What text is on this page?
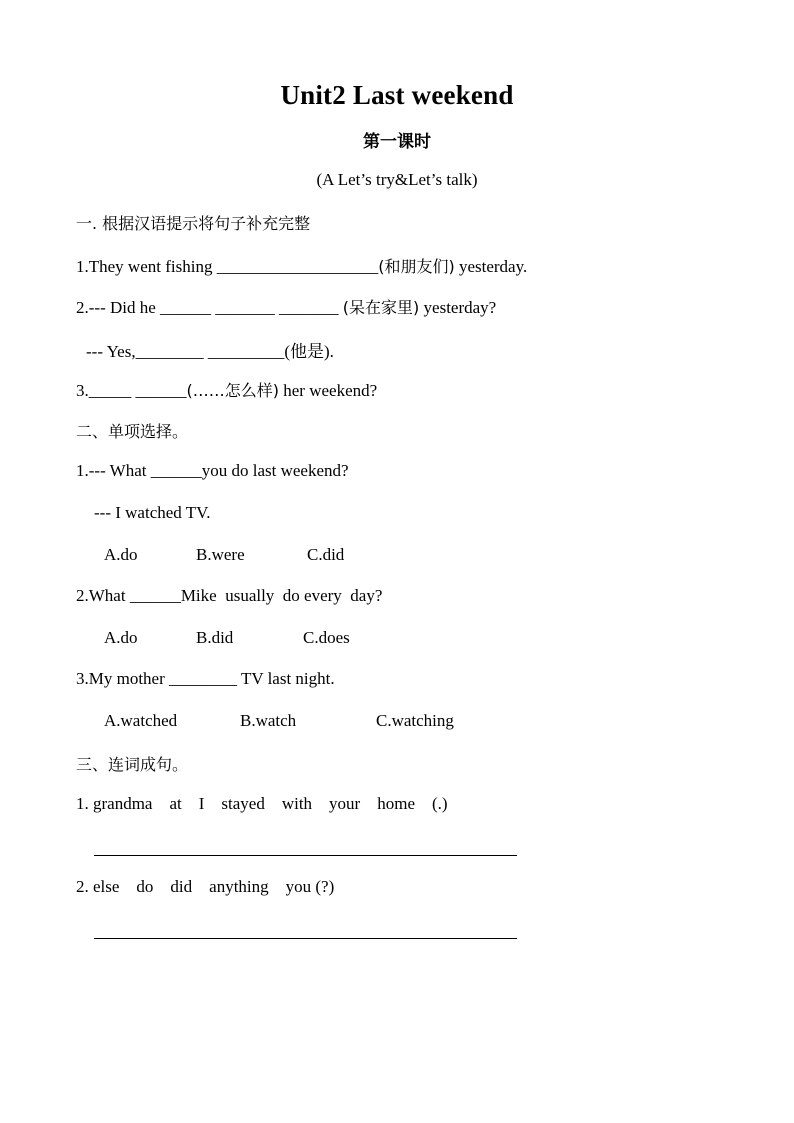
Unit2 Last weekend
第一课时
(A Let’s try&Let’s talk)
一. 根据汉语提示将句子补充完整
1.They went fishing ___________________(和朋友们) yesterday.
2.--- Did he ______ _______ _______ (呆在家里) yesterday?
--- Yes,________ _________(他是).
3._____ ______(……怎么样) her weekend?
二、单项选择。
1.--- What ______you do last weekend?
--- I watched TV.
A.do	B.were	C.did
2.What ______Mike  usually  do every  day?
A.do	B.did	C.does
3.My mother ________ TV last night.
A.watched	B.watch	C.watching
三、连词成句。
1. grandma    at    I    stayed    with    your    home    (.)
2. else    do    did    anything    you (?)
